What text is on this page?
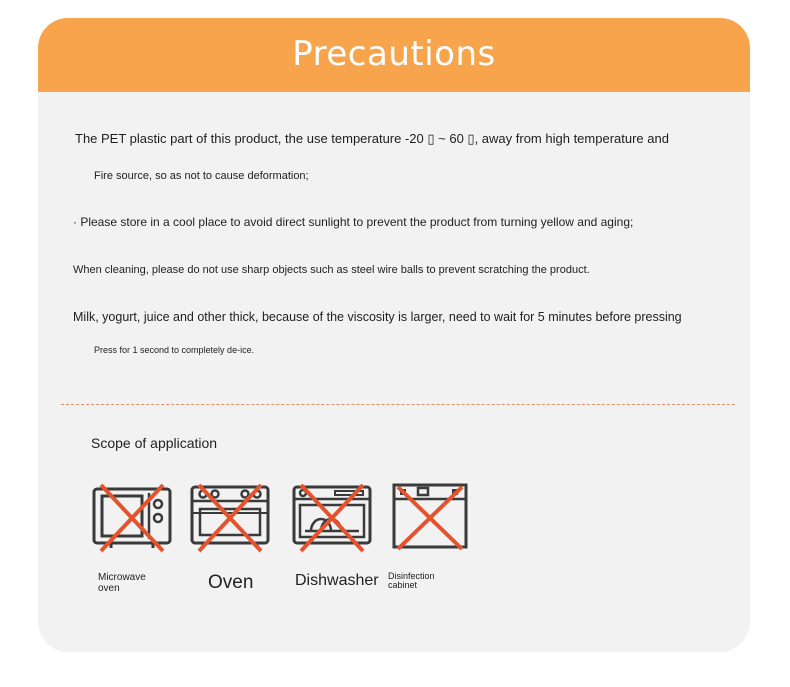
Precautions
The PET plastic part of this product, the use temperature -20 ▯ ~ 60 ▯, away from high temperature and
Fire source, so as not to cause deformation;
· Please store in a cool place to avoid direct sunlight to prevent the product from turning yellow and aging;
When cleaning, please do not use sharp objects such as steel wire balls to prevent scratching the product.
Milk, yogurt, juice and other thick, because of the viscosity is larger, need to wait for 5 minutes before pressing
Press for 1 second to completely de-ice.
Scope of application
Microwave
oven	Oven	Dishwasher Disinfection
cabinet
